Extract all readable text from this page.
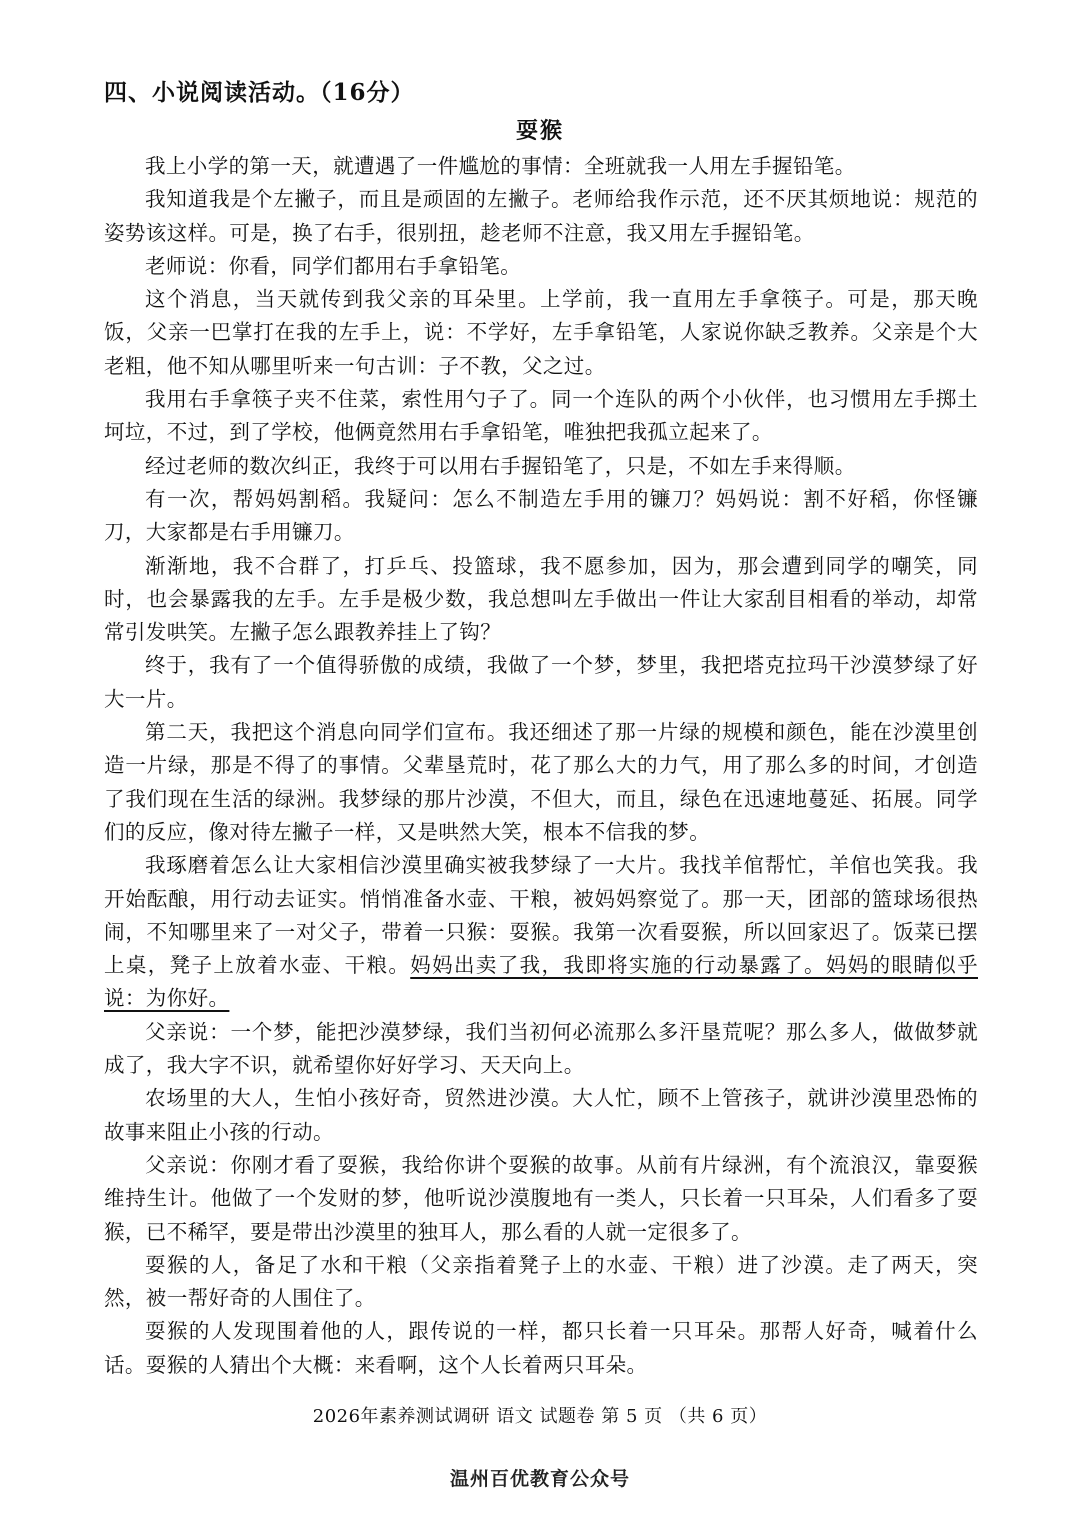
四、小说阅读活动。（16分）
耍猴

我上小学的第一天，就遭遇了一件尴尬的事情：全班就我一人用左手握铅笔。

我知道我是个左撇子，而且是顽固的左撇子。老师给我作示范，还不厌其烦地说：规范的姿势该这样。可是，换了右手，很别扭，趁老师不注意，我又用左手握铅笔。

老师说：你看，同学们都用右手拿铅笔。

这个消息，当天就传到我父亲的耳朵里。上学前，我一直用左手拿筷子。可是，那天晚饭，父亲一巴掌打在我的左手上，说：不学好，左手拿铅笔，人家说你缺乏教养。父亲是个大老粗，他不知从哪里听来一句古训：子不教，父之过。

我用右手拿筷子夹不住菜，索性用勺子了。同一个连队的两个小伙伴，也习惯用左手掷土坷垃，不过，到了学校，他俩竟然用右手拿铅笔，唯独把我孤立起来了。

经过老师的数次纠正，我终于可以用右手握铅笔了，只是，不如左手来得顺。

有一次，帮妈妈割稻。我疑问：怎么不制造左手用的镰刀？妈妈说：割不好稻，你怪镰刀，大家都是右手用镰刀。

渐渐地，我不合群了，打乒乓、投篮球，我不愿参加，因为，那会遭到同学的嘲笑，同时，也会暴露我的左手。左手是极少数，我总想叫左手做出一件让大家刮目相看的举动，却常常引发哄笑。左撇子怎么跟教养挂上了钩？

终于，我有了一个值得骄傲的成绩，我做了一个梦，梦里，我把塔克拉玛干沙漠梦绿了好大一片。

第二天，我把这个消息向同学们宣布。我还细述了那一片绿的规模和颜色，能在沙漠里创造一片绿，那是不得了的事情。父辈垦荒时，花了那么大的力气，用了那么多的时间，才创造了我们现在生活的绿洲。我梦绿的那片沙漠，不但大，而且，绿色在迅速地蔓延、拓展。同学们的反应，像对待左撇子一样，又是哄然大笑，根本不信我的梦。

我琢磨着怎么让大家相信沙漠里确实被我梦绿了一大片。我找羊倌帮忙，羊倌也笑我。我开始酝酿，用行动去证实。悄悄准备水壶、干粮，被妈妈察觉了。那一天，团部的篮球场很热闹，不知哪里来了一对父子，带着一只猴：耍猴。我第一次看耍猴，所以回家迟了。饭菜已摆上桌，凳子上放着水壶、干粮。妈妈出卖了我，我即将实施的行动暴露了。妈妈的眼睛似乎说：为你好。

父亲说：一个梦，能把沙漠梦绿，我们当初何必流那么多汗垦荒呢？那么多人，做做梦就成了，我大字不识，就希望你好好学习、天天向上。

农场里的大人，生怕小孩好奇，贸然进沙漠。大人忙，顾不上管孩子，就讲沙漠里恐怖的故事来阻止小孩的行动。

父亲说：你刚才看了耍猴，我给你讲个耍猴的故事。从前有片绿洲，有个流浪汉，靠耍猴维持生计。他做了一个发财的梦，他听说沙漠腹地有一类人，只长着一只耳朵，人们看多了耍猴，已不稀罕，要是带出沙漠里的独耳人，那么看的人就一定很多了。

耍猴的人，备足了水和干粮（父亲指着凳子上的水壶、干粮）进了沙漠。走了两天，突然，被一帮好奇的人围住了。

耍猴的人发现围着他的人，跟传说的一样，都只长着一只耳朵。那帮人好奇，喊着什么话。耍猴的人猜出个大概：来看啊，这个人长着两只耳朵。

2026年素养测试调研 语文 试题卷 第 5 页 （共 6 页）
温州百优教育公众号
